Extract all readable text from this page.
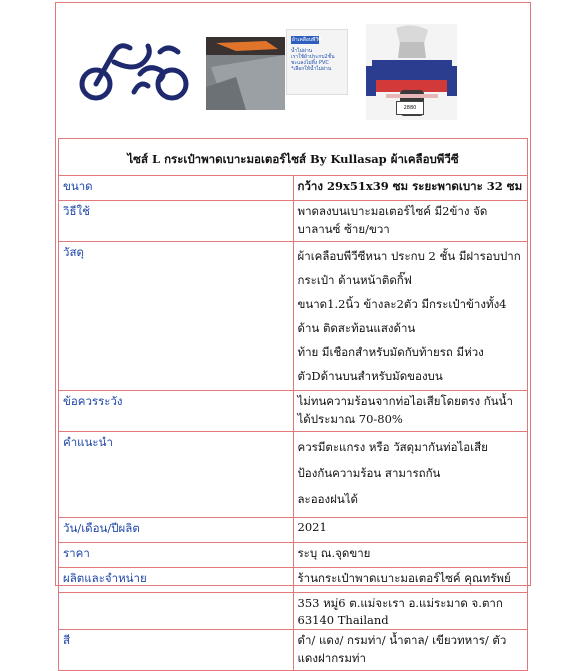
ผ้าเคลือบพีวีซี
น้ำไม่ผ่าน
เราใช้ผ้าประกบ2ชั้น
ชะแลงไม่ทิ้ง PVC
*เลือกให้น้ำไม่ผ่าน
2880
ไซส์ L กระเป๋าพาดเบาะมอเตอร์ไซส์ By Kullasap ผ้าเคลือบพีวีซี	
ขนาด	กว้าง 29x51x39 ซม ระยะพาดเบาะ 32 ซม
วิธีใช้	พาดลงบนเบาะมอเตอร์ไซค์ มี2ข้าง จัดบาลานซ์ ซ้าย/ขวา
วัสดุ	ผ้าเคลือบพีวีซีหนา ประกบ 2 ชั้น มีฝารอบปากกระเป๋า ด้านหน้าติดกิ๊ฟ
ขนาด1.2นิ้ว ข้างละ2ตัว มีกระเป๋าข้างทั้ง4 ด้าน ติดสะท้อนแสงด้าน
ท้าย มีเชือกสำหรับมัดกับท้ายรถ มีห่วงตัวDด้านบนสำหรับมัดของบน

ข้อควรระวัง	ไม่ทนความร้อนจากท่อไอเสียโดยตรง กันน้ำได้ประมาณ 70-80%
คำแนะนำ	ควรมีตะแกรง หรือ วัสดุมากันท่อไอเสีย ป้องกันความร้อน สามารถกัน
ละอองฝนได้

วัน/เดือน/ปีผลิต	2021
ราคา	ระบุ ณ.จุดขาย
ผลิตและจำหน่าย	ร้านกระเป๋าพาดเบาะมอเตอร์ไซค์ คุณทรัพย์
	353 หมู่6 ต.แม่จะเรา อ.แม่ระมาด จ.ตาก 63140 Thailand
สี	ดำ/ แดง/ กรมท่า/ น้ำตาล/ เขียวทหาร/ ตัวแดงฝากรมท่า
